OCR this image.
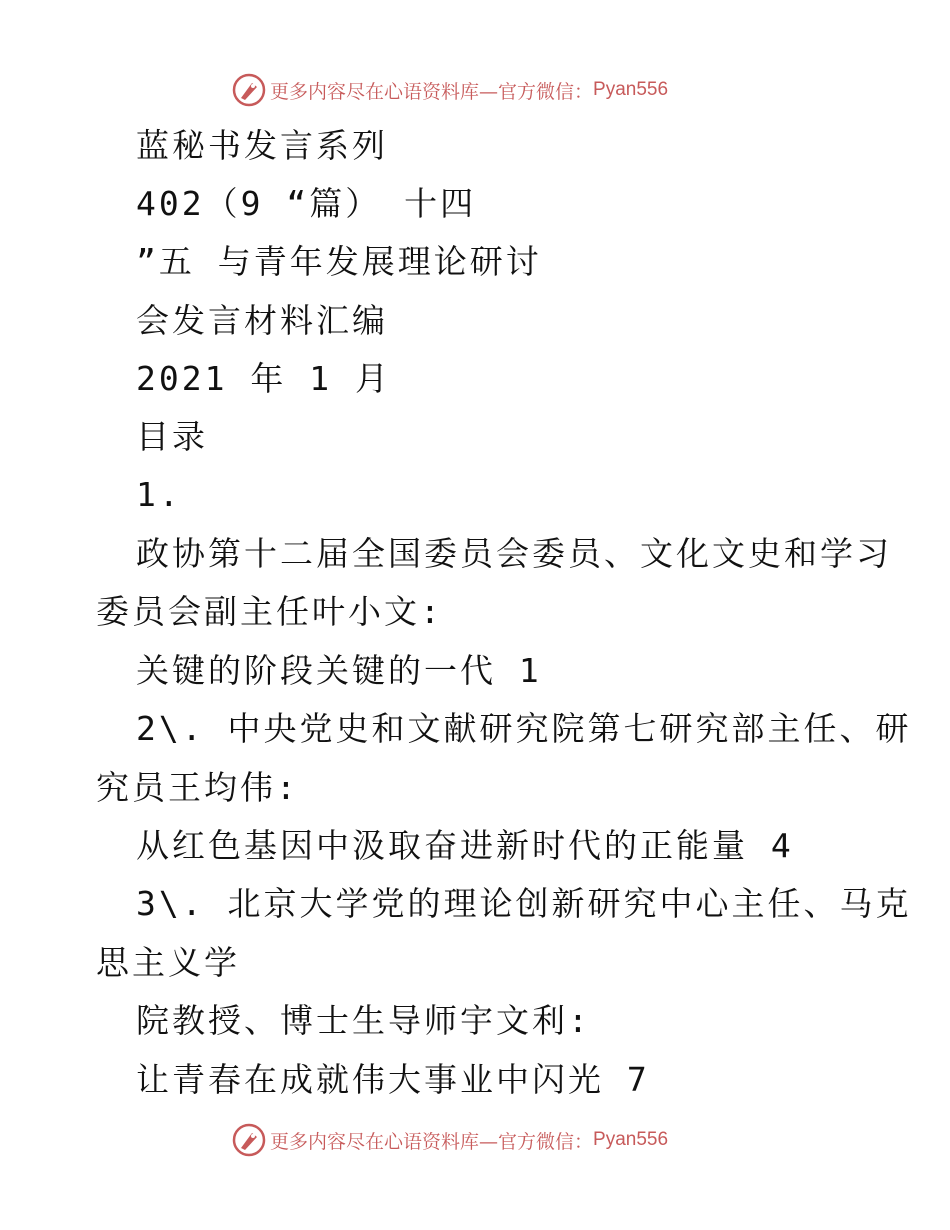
更多内容尽在心语资料库—官方微信： Pyan556
蓝秘书发言系列
402（9 “篇） 十四
”五 与青年发展理论研讨
会发言材料汇编
2021 年 1 月
目录
1.
政协第十二届全国委员会委员、文化文史和学习
委员会副主任叶小文:
关键的阶段关键的一代 1
2\. 中央党史和文献研究院第七研究部主任、研
究员王均伟:
从红色基因中汲取奋进新时代的正能量 4
3\. 北京大学党的理论创新研究中心主任、马克
思主义学
院教授、博士生导师宇文利:
让青春在成就伟大事业中闪光 7
更多内容尽在心语资料库—官方微信： Pyan556
